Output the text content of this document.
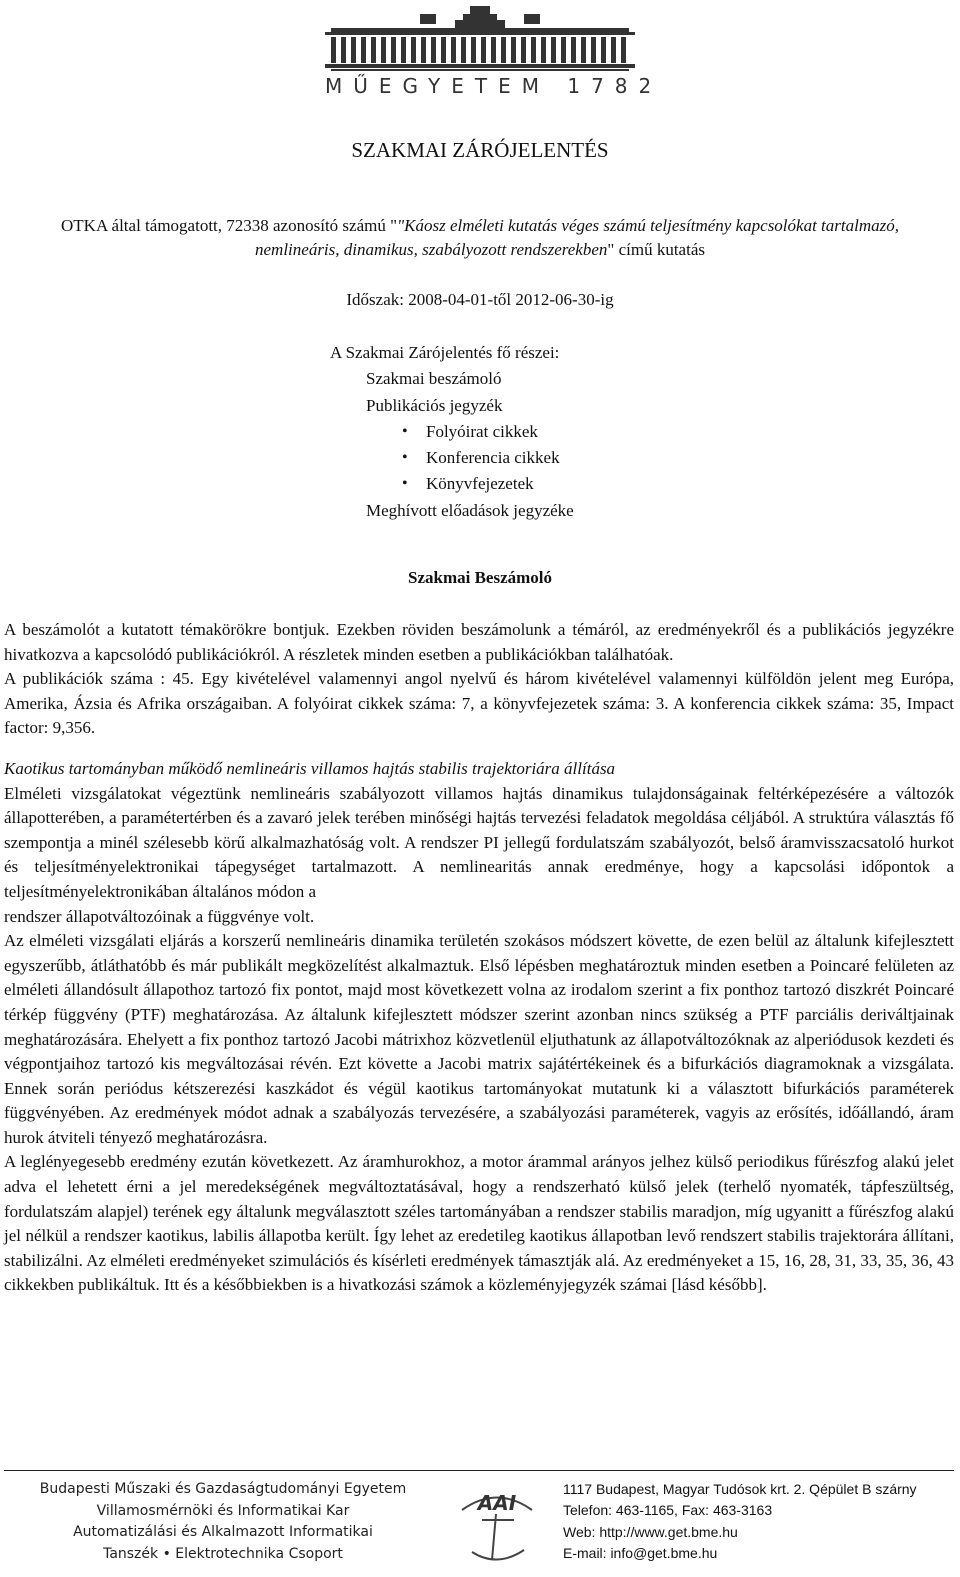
MŰEGYETEM 1782
SZAKMAI ZÁRÓJELENTÉS
OTKA által támogatott, 72338 azonosító számú ""Káosz elméleti kutatás véges számú teljesítmény kapcsolókat tartalmazó, nemlineáris, dinamikus, szabályozott rendszerekben" című kutatás
Időszak: 2008-04-01-től 2012-06-30-ig
A Szakmai Zárójelentés fő részei:
Szakmai beszámoló
Publikációs jegyzék
• Folyóirat cikkek
• Konferencia cikkek
• Könyvfejezetek
Meghívott előadások jegyzéke
Szakmai Beszámoló

A beszámolót a kutatott témakörökre bontjuk. Ezekben röviden beszámolunk a témáról, az eredményekről és a publikációs jegyzékre hivatkozva a kapcsolódó publikációkról. A részletek minden esetben a publikációkban találhatóak.

A publikációk száma : 45. Egy kivételével valamennyi angol nyelvű és három kivételével valamennyi külföldön jelent meg Európa, Amerika, Ázsia és Afrika országaiban. A folyóirat cikkek száma: 7, a könyvfejezetek száma: 3. A konferencia cikkek száma: 35, Impact factor: 9,356.

Kaotikus tartományban működő nemlineáris villamos hajtás stabilis trajektoriára állítása

Elméleti vizsgálatokat végeztünk nemlineáris szabályozott villamos hajtás dinamikus tulajdonságainak feltérképezésére a változók állapotterében, a paramétertérben és a zavaró jelek terében minőségi hajtás tervezési feladatok megoldása céljából. A struktúra választás fő szempontja a minél szélesebb körű alkalmazhatóság volt. A rendszer PI jellegű fordulatszám szabályozót, belső áramvisszacsatoló hurkot és teljesítményelektronikai tápegységet tartalmazott. A nemlinearitás annak eredménye, hogy a kapcsolási időpontok a teljesítményelektronikában általános módon a

rendszer állapotváltozóinak a függvénye volt.

Az elméleti vizsgálati eljárás a korszerű nemlineáris dinamika területén szokásos módszert követte, de ezen belül az általunk kifejlesztett egyszerűbb, átláthatóbb és már publikált megközelítést alkalmaztuk. Első lépésben meghatároztuk minden esetben a Poincaré felületen az elméleti állandósult állapothoz tartozó fix pontot, majd most következett volna az irodalom szerint a fix ponthoz tartozó diszkrét Poincaré térkép függvény (PTF) meghatározása. Az általunk kifejlesztett módszer szerint azonban nincs szükség a PTF parciális deriváltjainak meghatározására. Ehelyett a fix ponthoz tartozó Jacobi mátrixhoz közvetlenül eljuthatunk az állapotváltozóknak az alperiódusok kezdeti és végpontjaihoz tartozó kis megváltozásai révén. Ezt követte a Jacobi matrix sajátértékeinek és a bifurkációs diagramoknak a vizsgálata. Ennek során periódus kétszerezési kaszkádot és végül kaotikus tartományokat mutatunk ki a választott bifurkációs paraméterek függvényében. Az eredmények módot adnak a szabályozás tervezésére, a szabályozási paraméterek, vagyis az erősítés, időállandó, áram hurok átviteli tényező meghatározásra.

A leglényegesebb eredmény ezután következett. Az áramhurokhoz, a motor árammal arányos jelhez külső periodikus fűrészfog alakú jelet adva el lehetett érni a jel meredekségének megváltoztatásával, hogy a rendszerható külső jelek (terhelő nyomaték, tápfeszültség, fordulatszám alapjel) terének egy általunk megválasztott széles tartományában a rendszer stabilis maradjon, míg ugyanitt a fűrészfog alakú jel nélkül a rendszer kaotikus, labilis állapotba került. Így lehet az eredetileg kaotikus állapotban levő rendszert stabilis trajektorára állítani, stabilizálni. Az elméleti eredményeket szimulációs és kísérleti eredmények támasztják alá. Az eredményeket a 15, 16, 28, 31, 33, 35, 36, 43 cikkekben publikáltuk. Itt és a későbbiekben is a hivatkozási számok a közleményjegyzék számai [lásd később].

Budapesti Műszaki és Gazdaságtudományi Egyetem
Villamosmérnöki és Informatikai Kar
Automatizálási és Alkalmazott Informatikai
Tanszék • Elektrotechnika Csoport
AAI
1117 Budapest, Magyar Tudósok krt. 2. Qépület B szárny
Telefon: 463-1165, Fax: 463-3163
Web: http://www.get.bme.hu
E-mail: info@get.bme.hu
